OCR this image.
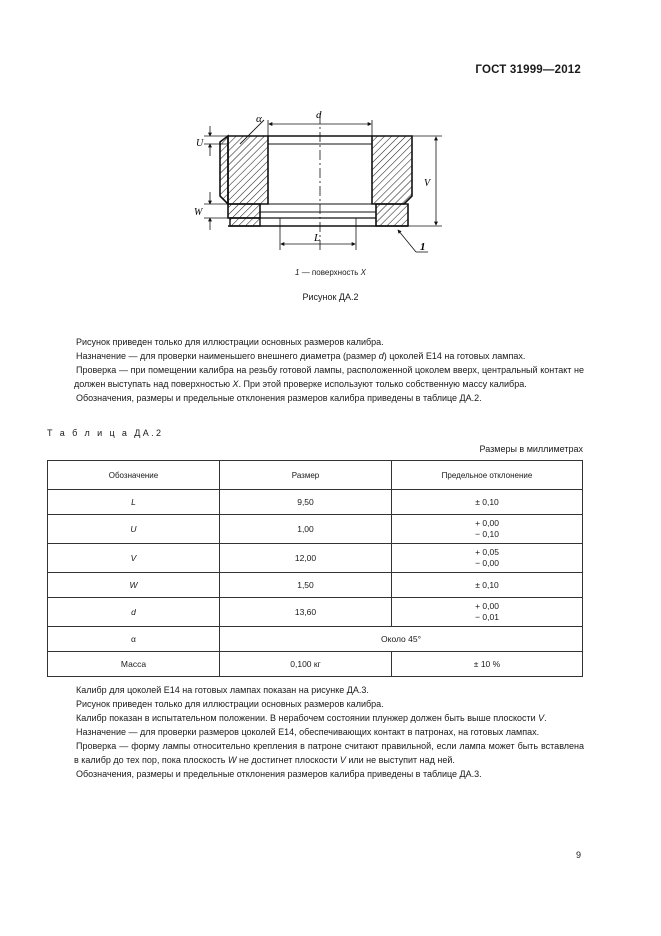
ГОСТ 31999—2012
d
α
U
W
V
L
1
1 — поверхность X
Рисунок ДА.2

Рисунок приведен только для иллюстрации основных размеров калибра.

Назначение — для проверки наименьшего внешнего диаметра (размер d) цоколей E14 на готовых лампах.

Проверка — при помещении калибра на резьбу готовой лампы, расположенной цоколем вверх, центральный контакт не должен выступать над поверхностью X. При этой проверке используют только собственную массу калибра.

Обозначения, размеры и предельные отклонения размеров калибра приведены в таблице ДА.2.

Т а б л и ц а ДА.2
Размеры в миллиметрах
Обозначение	Размер	Предельное отклонение
L	9,50	± 0,10
U	1,00	+ 0,00
− 0,10

V	12,00	+ 0,05
− 0,00

W	1,50	± 0,10
d	13,60	+ 0,00
− 0,01

α	Около 45°	
Масса	0,100 кг	± 10 %

Калибр для цоколей E14 на готовых лампах показан на рисунке ДА.3.

Рисунок приведен только для иллюстрации основных размеров калибра.

Калибр показан в испытательном положении. В нерабочем состоянии плунжер должен быть выше плоскости V.

Назначение — для проверки размеров цоколей E14, обеспечивающих контакт в патронах, на готовых лампах.

Проверка — форму лампы относительно крепления в патроне считают правильной, если лампа может быть вставлена в калибр до тех пор, пока плоскость W не достигнет плоскости V или не выступит над ней.

Обозначения, размеры и предельные отклонения размеров калибра приведены в таблице ДА.3.

9
